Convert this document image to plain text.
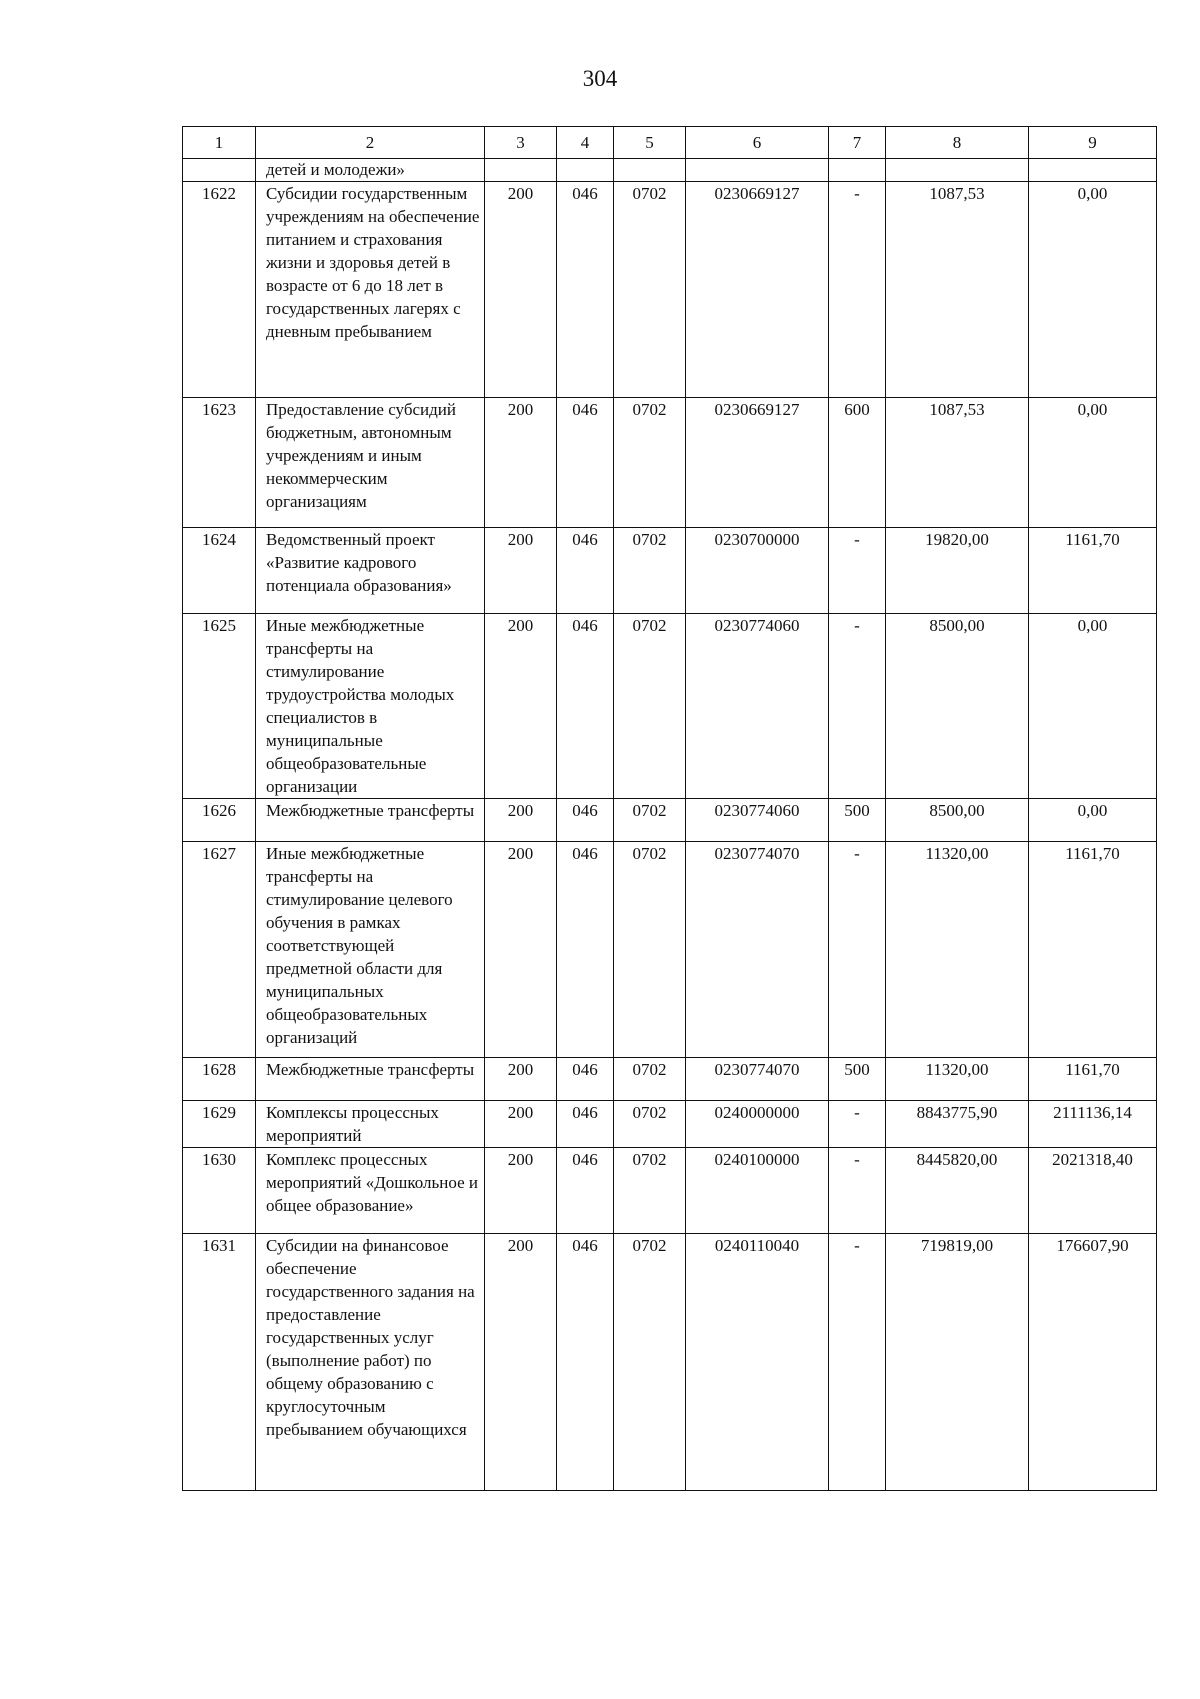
304
1	2	3	4	5	6	7	8	9
	детей и молодежи»							
1622	Субсидии государственным учреждениям на обеспечение питанием и страхования жизни и здоровья детей в возрасте от 6 до 18 лет в государственных лагерях с дневным пребыванием	200	046	0702	0230669127	-	1087,53	0,00
1623	Предоставление субсидий бюджетным, автономным учреждениям и иным некоммерческим организациям	200	046	0702	0230669127	600	1087,53	0,00
1624	Ведомственный проект «Развитие кадрового потенциала образования»	200	046	0702	0230700000	-	19820,00	1161,70
1625	Иные межбюджетные трансферты на стимулирование трудоустройства молодых специалистов в муниципальные общеобразовательные организации	200	046	0702	0230774060	-	8500,00	0,00
1626	Межбюджетные трансферты	200	046	0702	0230774060	500	8500,00	0,00
1627	Иные межбюджетные трансферты на стимулирование целевого обучения в рамках соответствующей предметной области для муниципальных общеобразовательных организаций	200	046	0702	0230774070	-	11320,00	1161,70
1628	Межбюджетные трансферты	200	046	0702	0230774070	500	11320,00	1161,70
1629	Комплексы процессных мероприятий	200	046	0702	0240000000	-	8843775,90	2111136,14
1630	Комплекс процессных мероприятий «Дошкольное и общее образование»	200	046	0702	0240100000	-	8445820,00	2021318,40
1631	Субсидии на финансовое обеспечение государственного задания на предоставление государственных услуг (выполнение работ) по общему образованию с круглосуточным пребыванием обучающихся	200	046	0702	0240110040	-	719819,00	176607,90
